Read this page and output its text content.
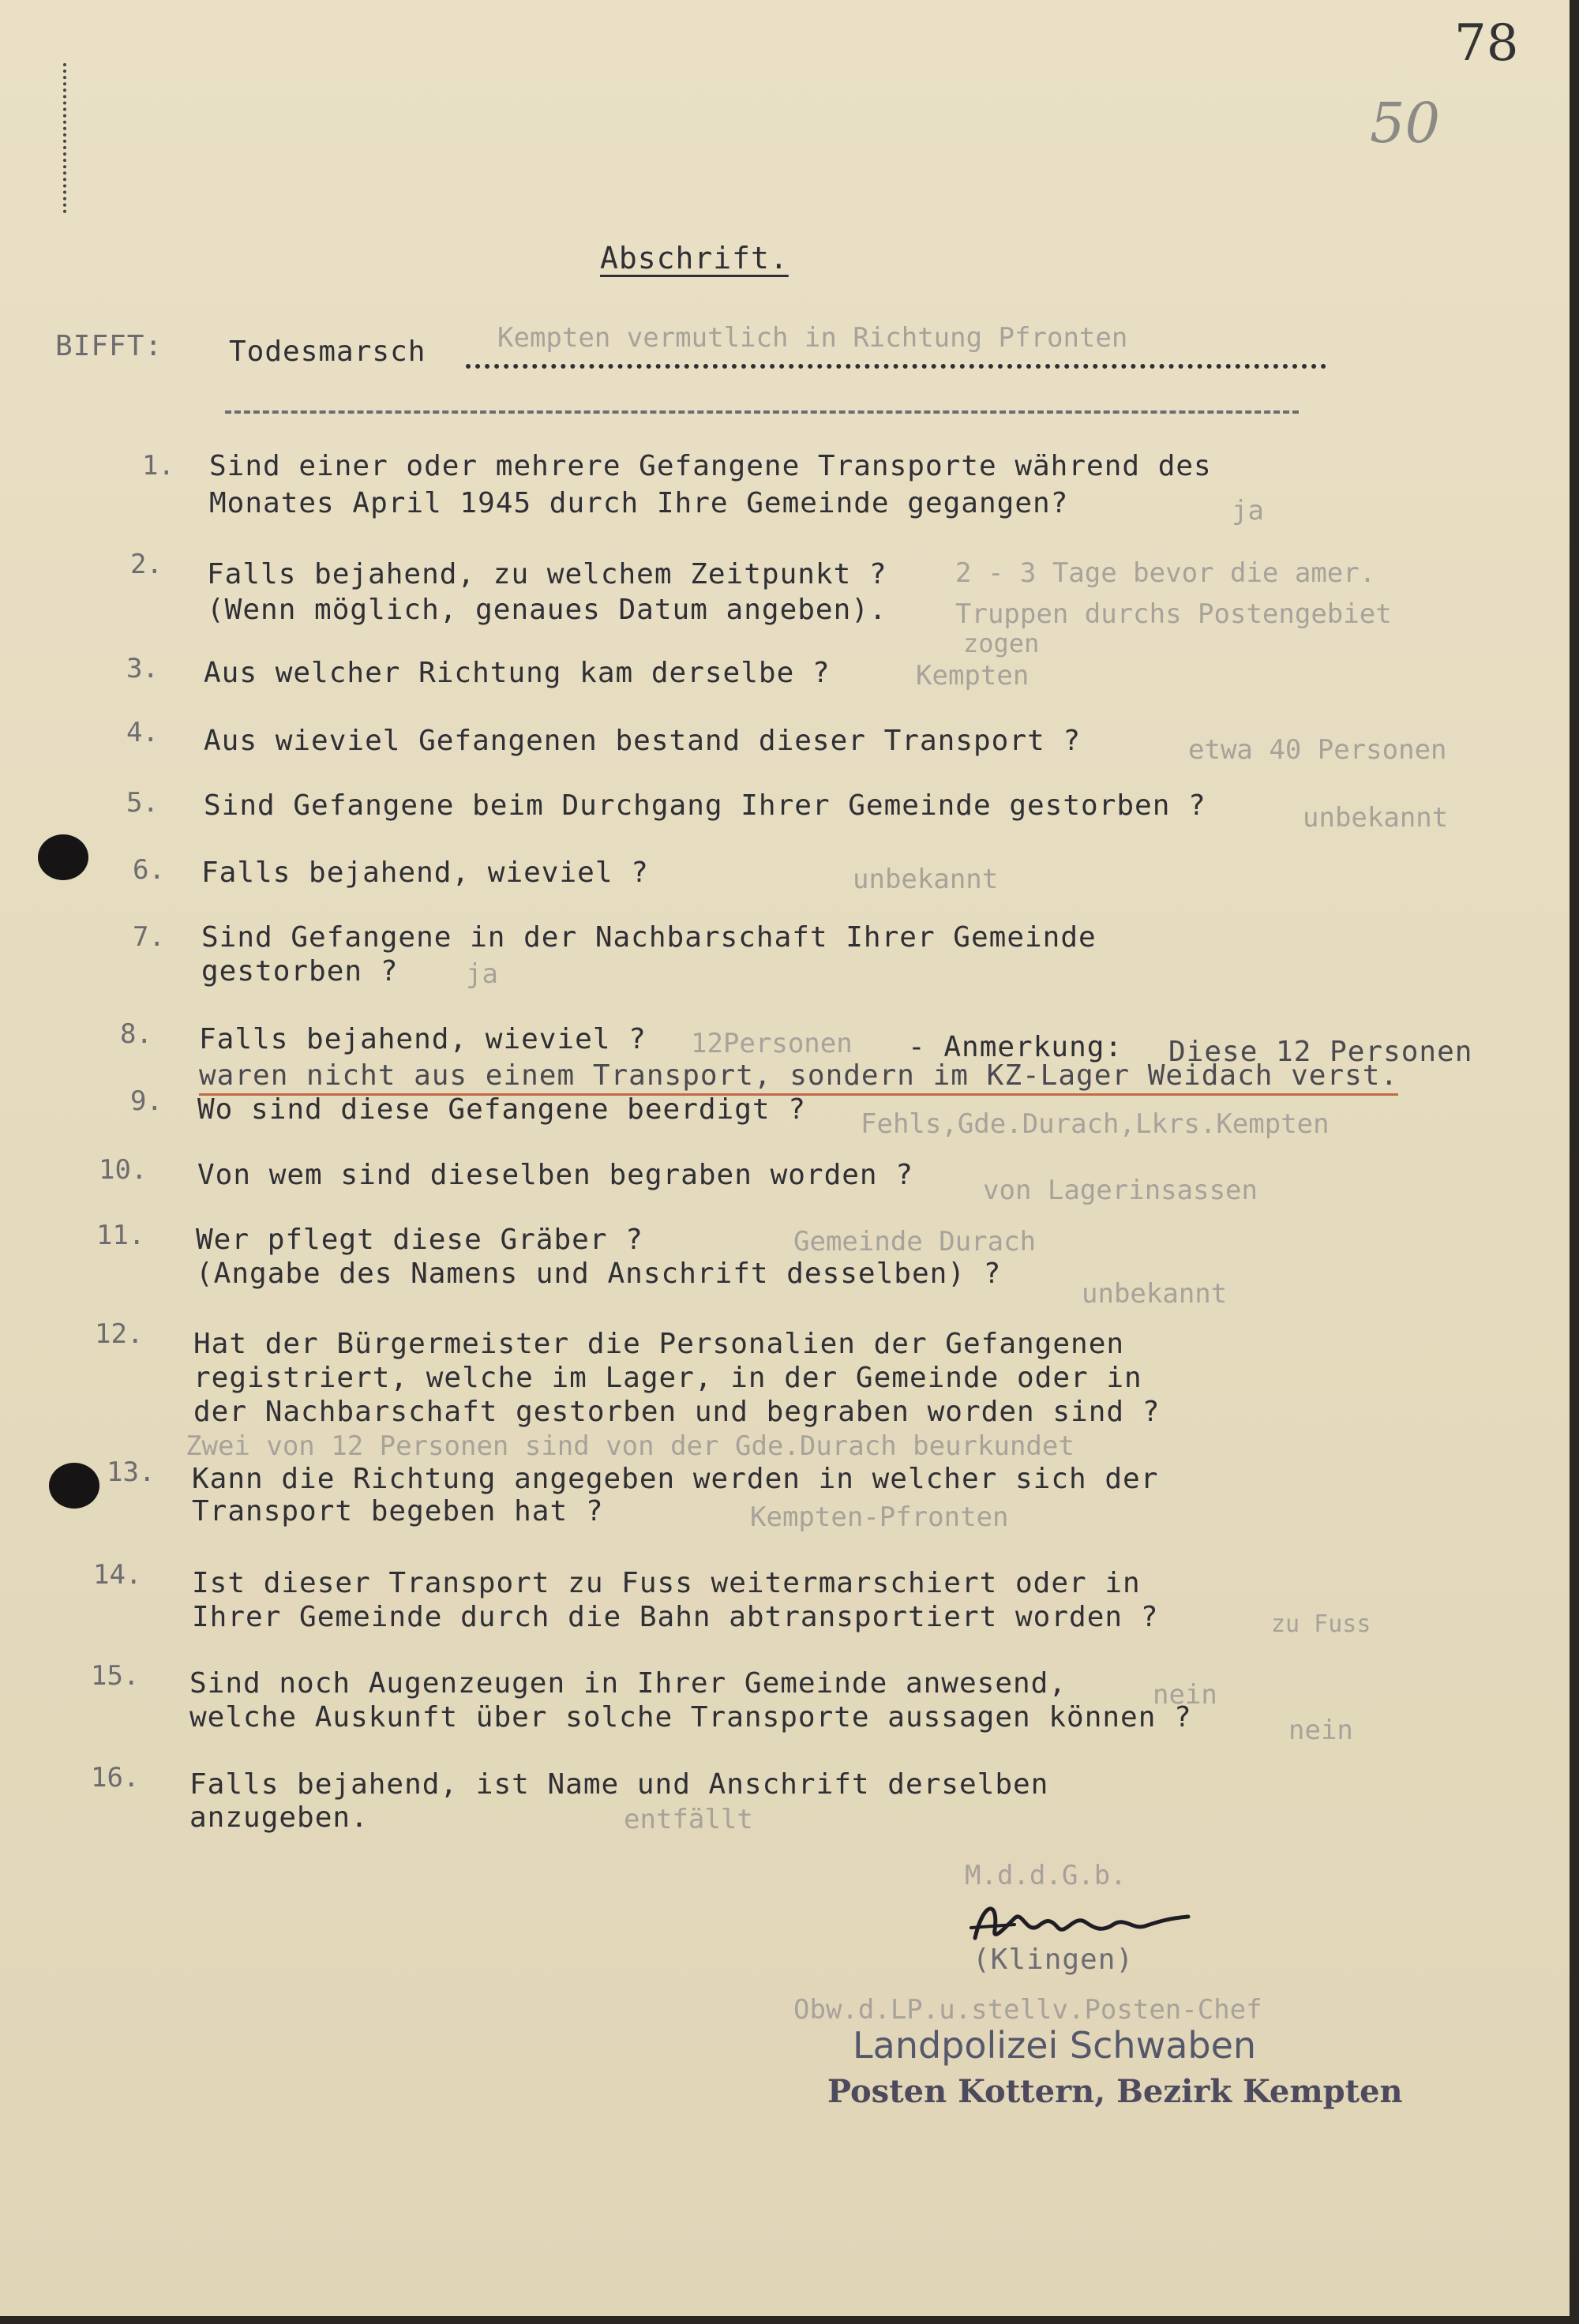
78
50
Abschrift.
BIFFT: Todesmarsch	Kempten vermutlich in Richtung Pfronten
1. Sind einer oder mehrere Gefangene Transporte während des
Monates April 1945 durch Ihre Gemeinde gegangen?	ja
2. Falls bejahend, zu welchem Zeitpunkt ?
(Wenn möglich, genaues Datum angeben).
2 - 3 Tage bevor die amer.
Truppen durchs Postengebiet
zogen
3. Aus welcher Richtung kam derselbe ?	Kempten
4. Aus wieviel Gefangenen bestand dieser Transport ?	etwa 40 Personen
5. Sind Gefangene beim Durchgang Ihrer Gemeinde gestorben ?	unbekannt
6. Falls bejahend, wieviel ?	unbekannt
7. Sind Gefangene in der Nachbarschaft Ihrer Gemeinde
gestorben ?	ja
8. Falls bejahend, wieviel ? 12Personen - Anmerkung: Diese 12 Personen
waren nicht aus einem Transport, sondern im KZ-Lager Weidach verst.
9. Wo sind diese Gefangene beerdigt ? Fehls,Gde.Durach,Lkrs.Kempten
10. Von wem sind dieselben begraben worden ?	von Lagerinsassen
11. Wer pflegt diese Gräber ?
(Angabe des Namens und Anschrift desselben) ?
Gemeinde Durach
unbekannt
12. Hat der Bürgermeister die Personalien der Gefangenen
registriert, welche im Lager, in der Gemeinde oder in
der Nachbarschaft gestorben und begraben worden sind ?
Zwei von 12 Personen sind von der Gde.Durach beurkundet
13. Kann die Richtung angegeben werden in welcher sich der
Transport begeben hat ?	Kempten-Pfronten
14. Ist dieser Transport zu Fuss weitermarschiert oder in
Ihrer Gemeinde durch die Bahn abtransportiert worden ?	zu Fuss
15. Sind noch Augenzeugen in Ihrer Gemeinde anwesend,
welche Auskunft über solche Transporte aussagen können ?
nein
nein
16. Falls bejahend, ist Name und Anschrift derselben
anzugeben.	entfällt
M.d.d.G.b.
(Klingen)
Obw.d.LP.u.stellv.Posten-Chef
Landpolizei Schwaben
Posten Kottern, Bezirk Kempten
